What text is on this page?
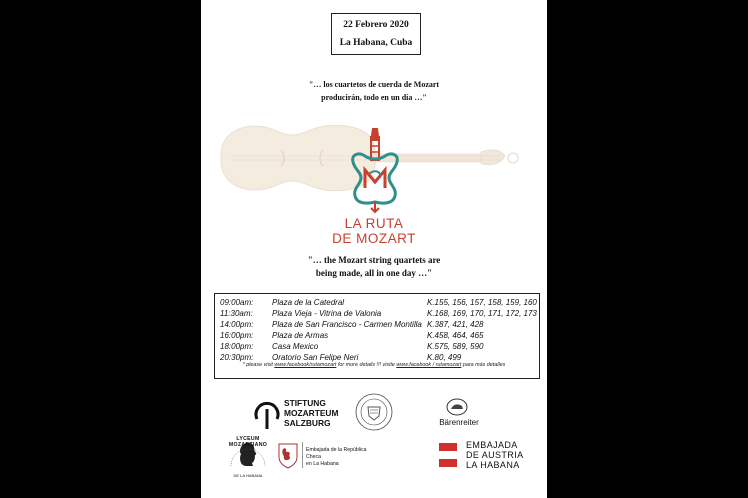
22 Febrero 2020
La Habana, Cuba
"… los cuartetos de cuerda de Mozart
producirán, todo en un día …"
LA RUTA
DE MOZART
"… the Mozart string quartets are
being made, all in one day …"
09:00am: Plaza de la Catedral	K.155, 156, 157, 158, 159, 160
11:30am: Plaza Vieja - Vitrina de Valonia	K.168, 169, 170, 171, 172, 173
14:00pm: Plaza de San Francisco - Carmen Montilla K.387, 421, 428
16:00pm: Plaza de Armas	K.458, 464, 465
18:00pm: Casa Mexico	K.575, 589, 590
20:30pm: Oratorio San Felipe Neri	K.80, 499
* please visit www.facebook/rutamozart for more details !!! visite www.facebook / rutamozart para más detalles
STIFTUNG
MOZARTEUM
SALZBURG	Bärenreiter
LYCEUM MOZARTIANO
DE LA HABANA
Embajada de la República Checa
en La Habana
EMBAJADA
DE AUSTRIA
LA HABANA
